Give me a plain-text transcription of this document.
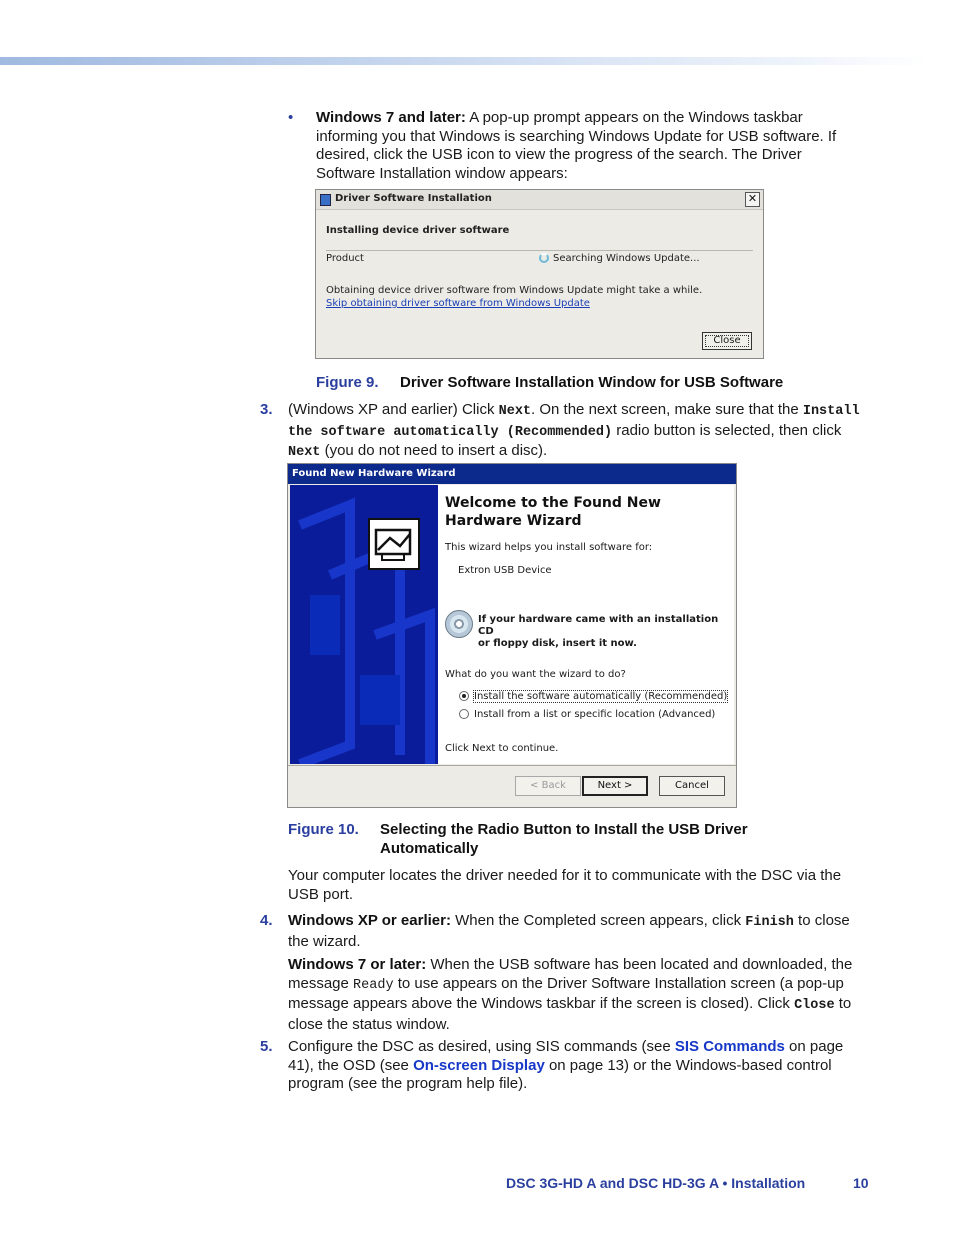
• Windows 7 and later: A pop-up prompt appears on the Windows taskbar informing you that Windows is searching Windows Update for USB software. If desired, click the USB icon to view the progress of the search. The Driver Software Installation window appears:
Driver Software Installation	✕
Installing device driver software
Product	Searching Windows Update...
Obtaining device driver software from Windows Update might take a while.
Skip obtaining driver software from Windows Update
Close
Figure 9. Driver Software Installation Window for USB Software
3. (Windows XP and earlier) Click Next. On the next screen, make sure that the Install the software automatically (Recommended) radio button is selected, then click Next (you do not need to insert a disc).
Found New Hardware Wizard
Welcome to the Found New
Hardware Wizard
This wizard helps you install software for:
Extron USB Device
If your hardware came with an installation CD
or floppy disk, insert it now.
What do you want the wizard to do?
Install the software automatically (Recommended)
Install from a list or specific location (Advanced)
Click Next to continue.
< Back	Next >	Cancel
Figure 10. Selecting the Radio Button to Install the USB Driver
Automatically
Your computer locates the driver needed for it to communicate with the DSC via the USB port.
4. Windows XP or earlier: When the Completed screen appears, click Finish to close the wizard.
Windows 7 or later: When the USB software has been located and downloaded, the message Ready to use appears on the Driver Software Installation screen (a pop-up message appears above the Windows taskbar if the screen is closed). Click Close to close the status window.
5. Configure the DSC as desired, using SIS commands (see SIS Commands on page 41), the OSD (see On-screen Display on page 13) or the Windows-based control program (see the program help file).
DSC 3G-HD A and DSC HD-3G A • Installation	10
